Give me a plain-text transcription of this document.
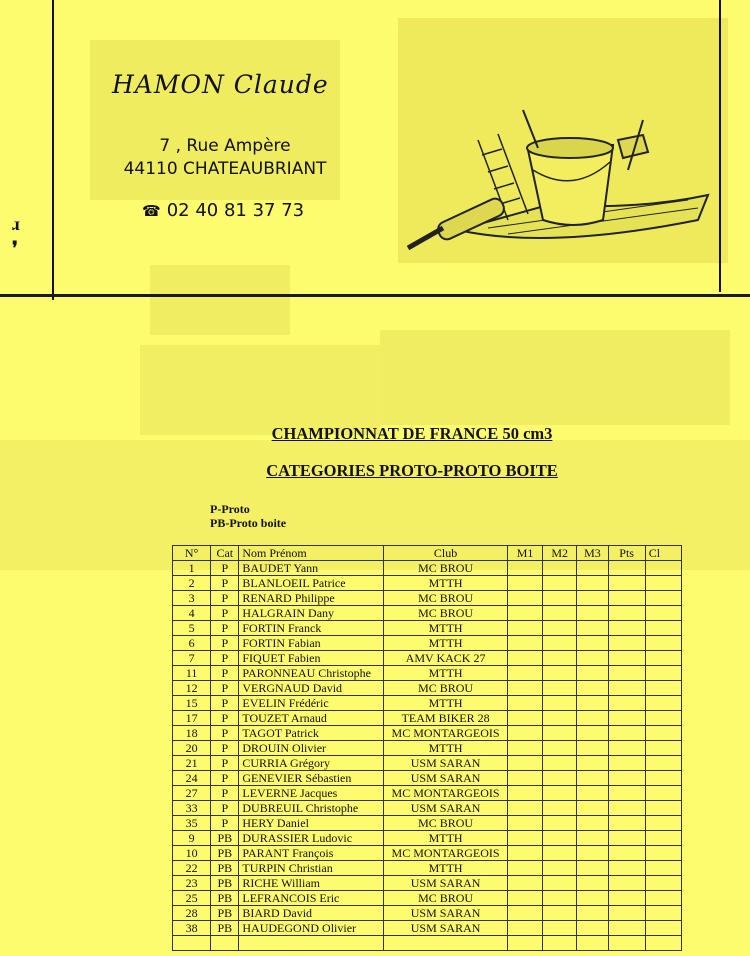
HAMON Claude
7 , Rue Ampère
44110 CHATEAUBRIANT
☎ 02 40 81 37 73
ɹ
❜
CHAMPIONNAT DE FRANCE 50 cm3
CATEGORIES PROTO-PROTO BOITE
P-Proto
PB-Proto boite
N°	Cat	Nom Prénom	Club	M1	M2	M3	Pts	Cl
1	P	BAUDET Yann	MC BROU					
2	P	BLANLOEIL Patrice	MTTH					
3	P	RENARD Philippe	MC BROU					
4	P	HALGRAIN Dany	MC BROU					
5	P	FORTIN Franck	MTTH					
6	P	FORTIN Fabian	MTTH					
7	P	FIQUET Fabien	AMV KACK 27					
11	P	PARONNEAU Christophe	MTTH					
12	P	VERGNAUD David	MC BROU					
15	P	EVELIN Frédéric	MTTH					
17	P	TOUZET Arnaud	TEAM BIKER 28					
18	P	TAGOT Patrick	MC MONTARGEOIS					
20	P	DROUIN Olivier	MTTH					
21	P	CURRIA Grégory	USM SARAN					
24	P	GENEVIER Sébastien	USM SARAN					
27	P	LEVERNE Jacques	MC MONTARGEOIS					
33	P	DUBREUIL Christophe	USM SARAN					
35	P	HERY Daniel	MC BROU					
9	PB	DURASSIER Ludovic	MTTH					
10	PB	PARANT François	MC MONTARGEOIS					
22	PB	TURPIN Christian	MTTH					
23	PB	RICHE William	USM SARAN					
25	PB	LEFRANCOIS Eric	MC BROU					
28	PB	BIARD David	USM SARAN					
38	PB	HAUDEGOND Olivier	USM SARAN					
